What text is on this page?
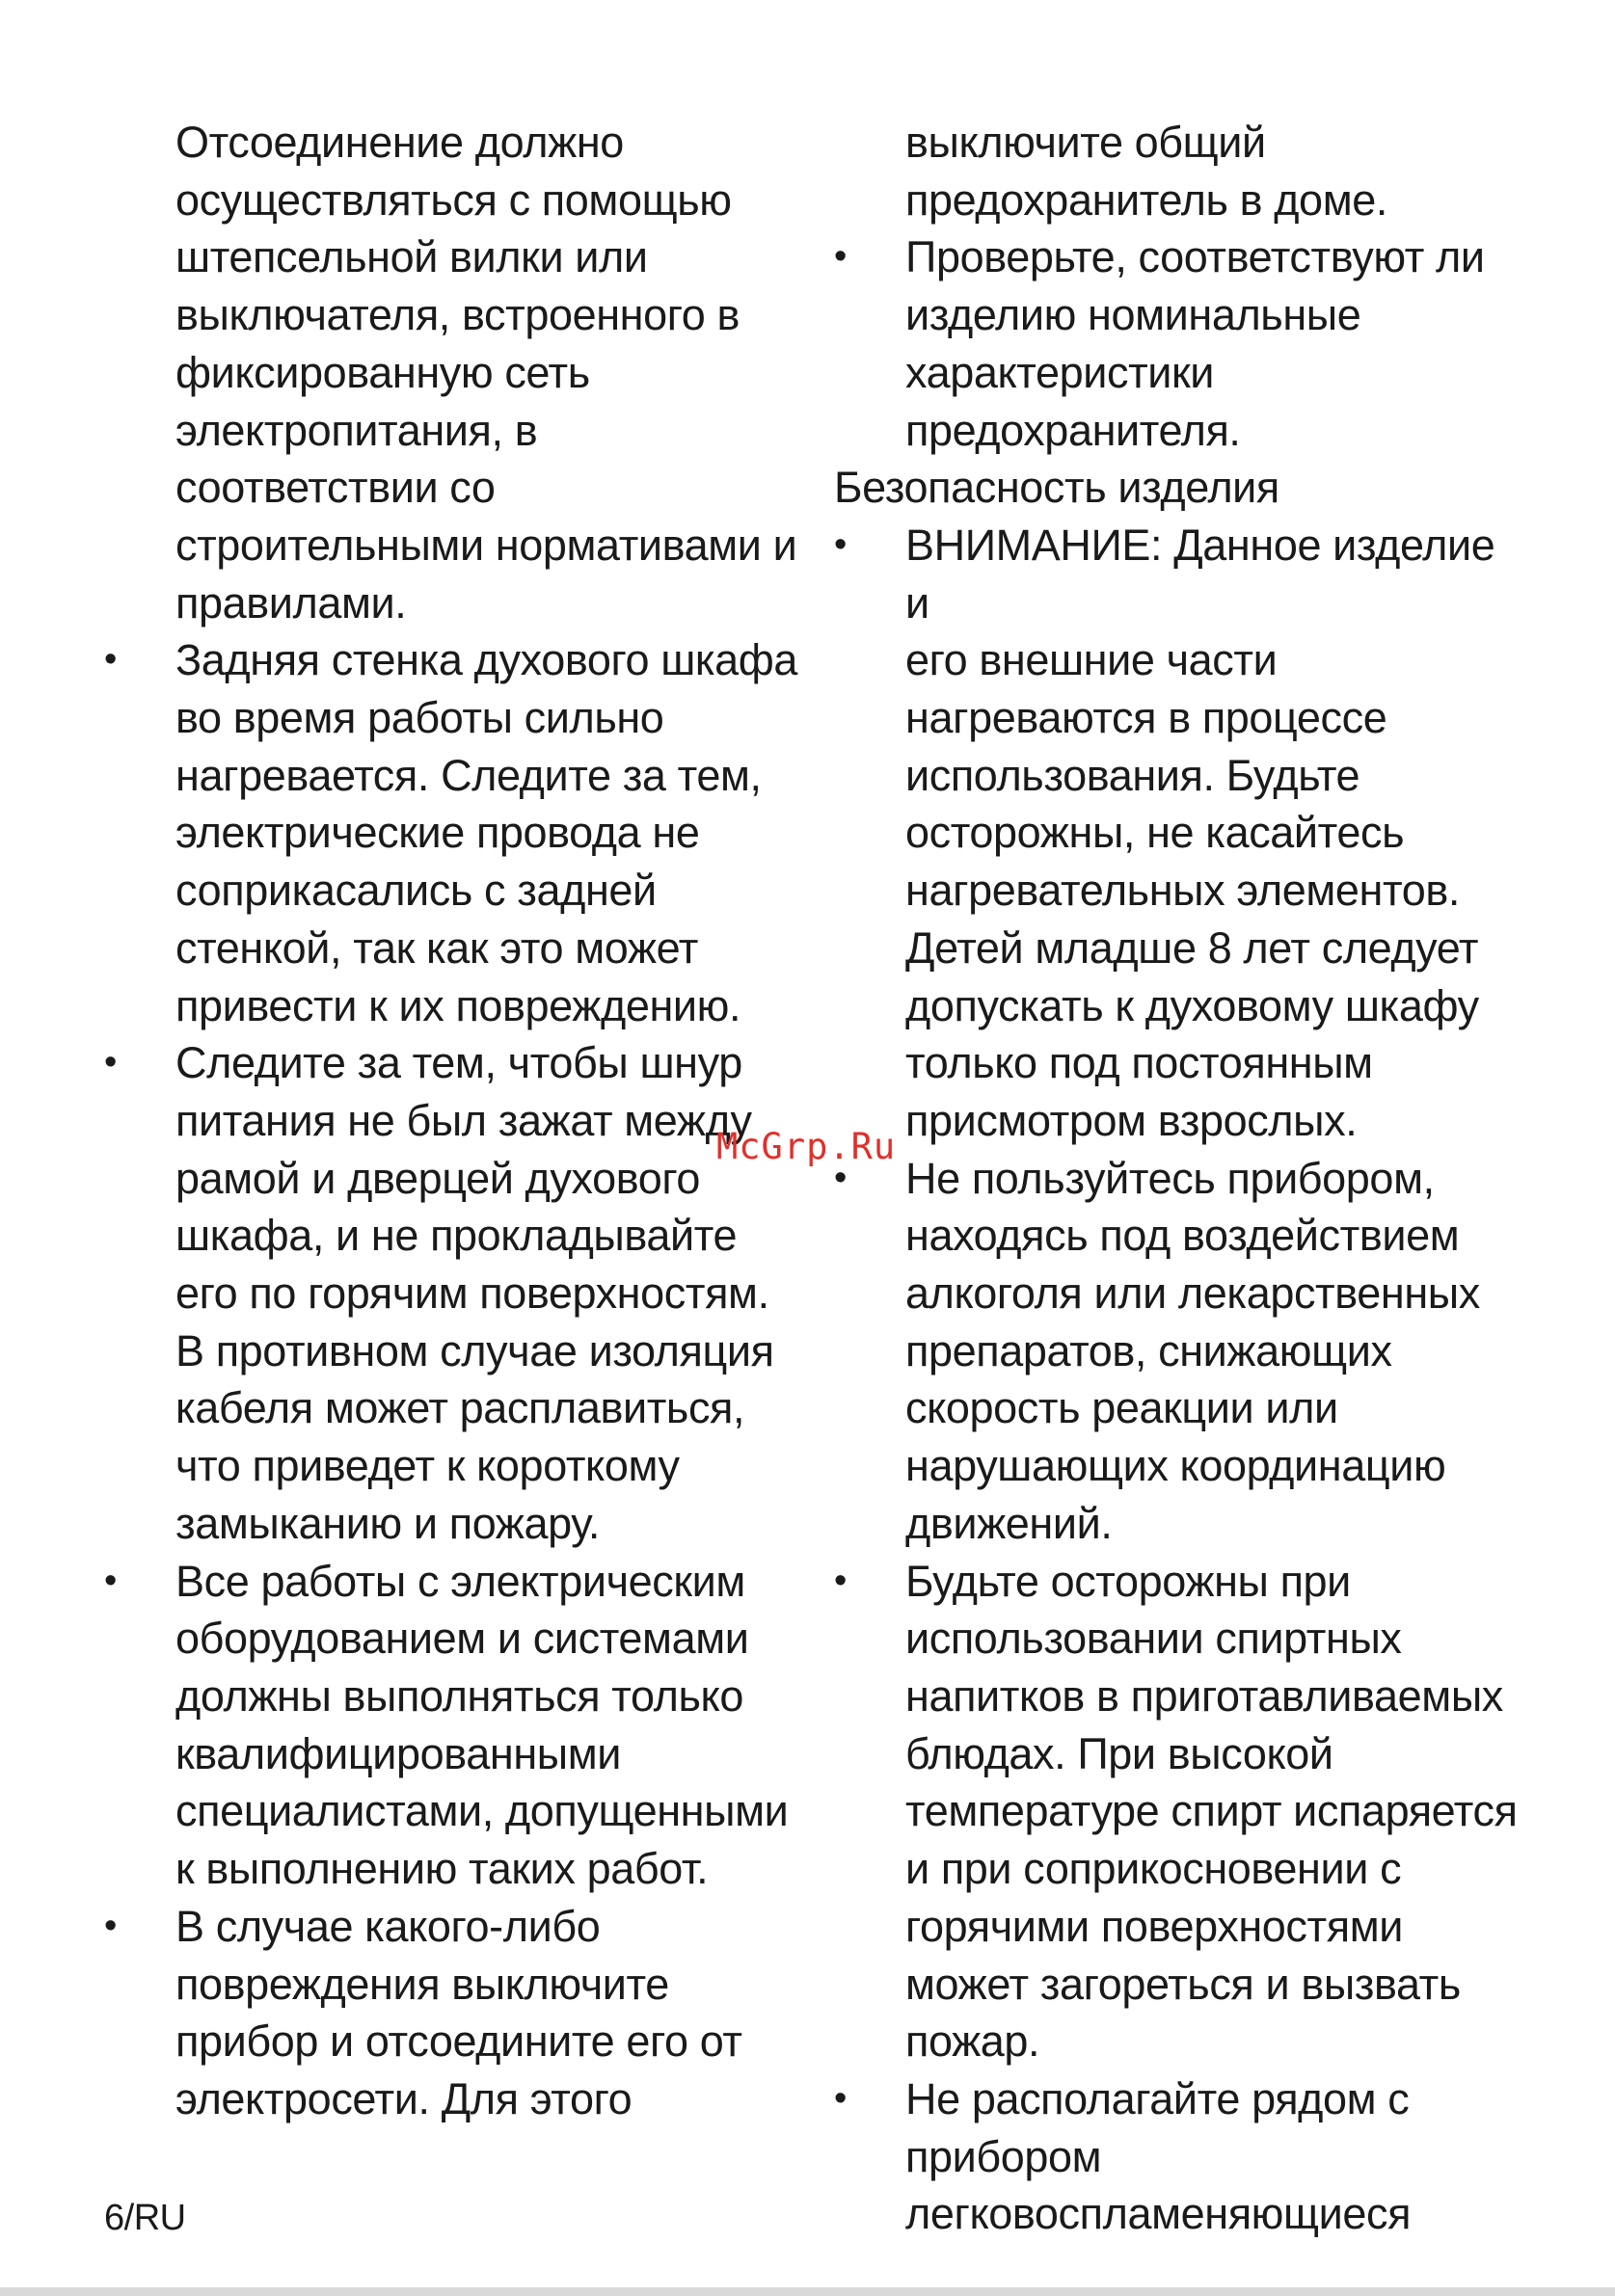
Отсоединение должно
осуществляться с помощью
штепсельной вилки или
выключателя, встроенного в
фиксированную сеть
электропитания, в
соответствии со
строительными нормативами и
правилами.

• Задняя стенка духового шкафа
во время работы сильно
нагревается. Следите за тем,
электрические провода не
соприкасались с задней
стенкой, так как это может
привести к их повреждению.

• Следите за тем, чтобы шнур
питания не был зажат между
рамой и дверцей духового
шкафа, и не прокладывайте
его по горячим поверхностям.
В противном случае изоляция
кабеля может расплавиться,
что приведет к короткому
замыканию и пожару.

• Все работы с электрическим
оборудованием и системами
должны выполняться только
квалифицированными
специалистами, допущенными
к выполнению таких работ.

• В случае какого-либо
повреждения выключите
прибор и отсоедините его от
электросети. Для этого

выключите общий
предохранитель в доме.

• Проверьте, соответствуют ли
изделию номинальные
характеристики
предохранителя.

Безопасность изделия

• ВНИМАНИЕ: Данное изделие и
его внешние части
нагреваются в процессе
использования. Будьте
осторожны, не касайтесь
нагревательных элементов.
Детей младше 8 лет следует
допускать к духовому шкафу
только под постоянным
присмотром взрослых.

• Не пользуйтесь прибором,
находясь под воздействием
алкоголя или лекарственных
препаратов, снижающих
скорость реакции или
нарушающих координацию
движений.

• Будьте осторожны при
использовании спиртных
напитков в приготавливаемых
блюдах. При высокой
температуре спирт испаряется
и при соприкосновении с
горячими поверхностями
может загореться и вызвать
пожар.

• Не располагайте рядом с
прибором
легковоспламеняющиеся

McGrp.Ru
6/RU
